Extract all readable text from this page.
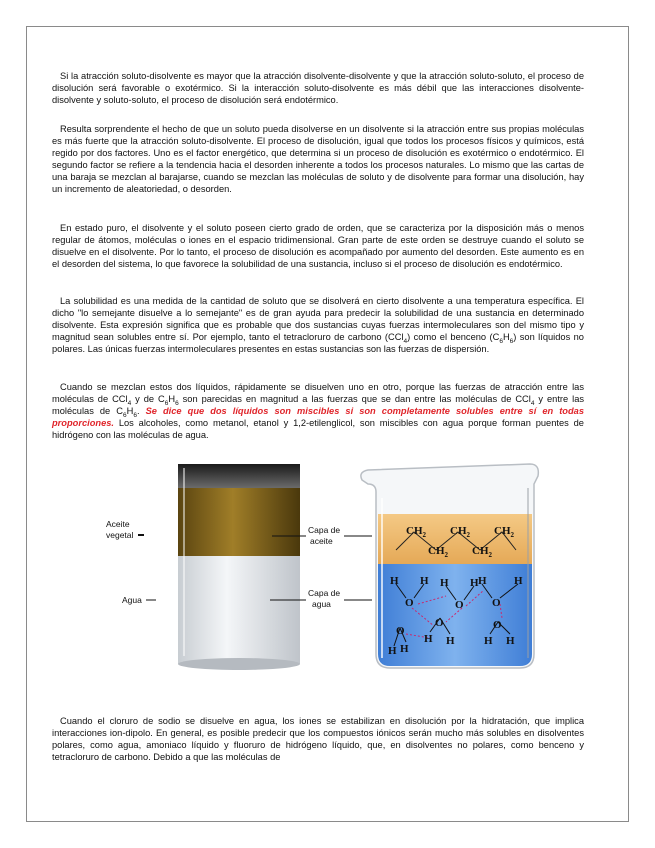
Si la atracción soluto-disolvente es mayor que la atracción disolvente-disolvente y que la atracción soluto-soluto, el proceso de disolución será favorable o exotérmico. Si la interacción soluto-disolvente es más débil que las interacciones disolvente-disolvente y soluto-soluto, el proceso de disolución será endotérmico.

Resulta sorprendente el hecho de que un soluto pueda disolverse en un disolvente si la atracción entre sus propias moléculas es más fuerte que la atracción soluto-disolvente. El proceso de disolución, igual que todos los procesos físicos y químicos, está regido por dos factores. Uno es el factor energético, que determina si un proceso de disolución es exotérmico o endotérmico. El segundo factor se refiere a la tendencia hacia el desorden inherente a todos los procesos naturales. Lo mismo que las cartas de una baraja se mezclan al barajarse, cuando se mezclan las moléculas de soluto y de disolvente para formar una disolución, hay un incremento de aleatoriedad, o desorden.

En estado puro, el disolvente y el soluto poseen cierto grado de orden, que se caracteriza por la disposición más o menos regular de átomos, moléculas o iones en el espacio tridimensional. Gran parte de este orden se destruye cuando el soluto se disuelve en el disolvente. Por lo tanto, el proceso de disolución es acompañado por aumento del desorden. Este aumento es en el desorden del sistema, lo que favorece la solubilidad de una sustancia, incluso si el proceso de disolución es endotérmico.

La solubilidad es una medida de la cantidad de soluto que se disolverá en cierto disolvente a una temperatura específica. El dicho "lo semejante disuelve a lo semejante" es de gran ayuda para predecir la solubilidad de una sustancia en determinado disolvente. Esta expresión significa que es probable que dos sustancias cuyas fuerzas intermoleculares son del mismo tipo y magnitud sean solubles entre sí. Por ejemplo, tanto el tetracloruro de carbono (CCl$_4$) como el benceno $(C_6H_6)$ son líquidos no polares. Las únicas fuerzas intermoleculares presentes en estas sustancias son las fuerzas de dispersión.

Cuando se mezclan estos dos líquidos, rápidamente se disuelven uno en otro, porque las fuerzas de atracción entre las moléculas de CCl$_4$ y de $C_6H_6$ son parecidas en magnitud a las fuerzas que se dan entre las moléculas de CCl$_4$ y entre las moléculas de $C_6H_6$. Se dice que dos líquidos son miscibles si son completamente solubles entre sí en todas proporciones. Los alcoholes, como metanol, etanol y 1,2-etilenglicol, son miscibles con agua porque forman puentes de hidrógeno con las moléculas de agua.

Aceite
vegetal
Agua
Capa de
aceite
Capa de
agua
$CH_2$ $CH_2$ $CH_2$
$CH_2$ $CH_2$
H H
O
H H
O
H H
O
O
H H
O
H
H
O
H H

Cuando el cloruro de sodio se disuelve en agua, los iones se estabilizan en disolución por la hidratación, que implica interacciones ion-dipolo. En general, es posible predecir que los compuestos iónicos serán mucho más solubles en disolventes polares, como agua, amoniaco líquido y fluoruro de hidrógeno líquido, que, en disolventes no polares, como benceno y tetracloruro de carbono. Debido a que las moléculas de
